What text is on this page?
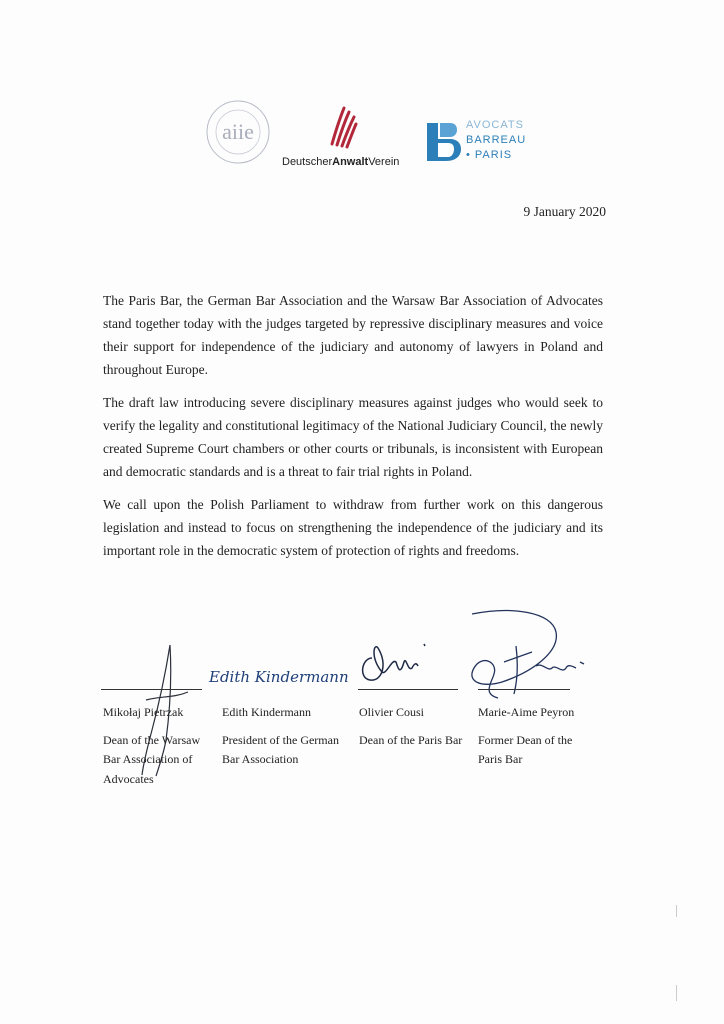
aiie
DeutscherAnwaltVerein
AVOCATS
BARREAU
• PARIS
9 January 2020

The Paris Bar, the German Bar Association and the Warsaw Bar Association of Advocates stand together today with the judges targeted by repressive disciplinary measures and voice their support for independence of the judiciary and autonomy of lawyers in Poland and throughout Europe.

The draft law introducing severe disciplinary measures against judges who would seek to verify the legality and constitutional legitimacy of the National Judiciary Council, the newly created Supreme Court chambers or other courts or tribunals, is inconsistent with European and democratic standards and is a threat to fair trial rights in Poland.

We call upon the Polish Parliament to withdraw from further work on this dangerous legislation and instead to focus on strengthening the independence of the judiciary and its important role in the democratic system of protection of rights and freedoms.

Edith Kindermann
Mikołaj Pietrzak
Dean of the Warsaw Bar Association of Advocates
Edith Kindermann
President of the German Bar Association
Olivier Cousi
Dean of the Paris Bar
Marie-Aime Peyron
Former Dean of the Paris Bar
